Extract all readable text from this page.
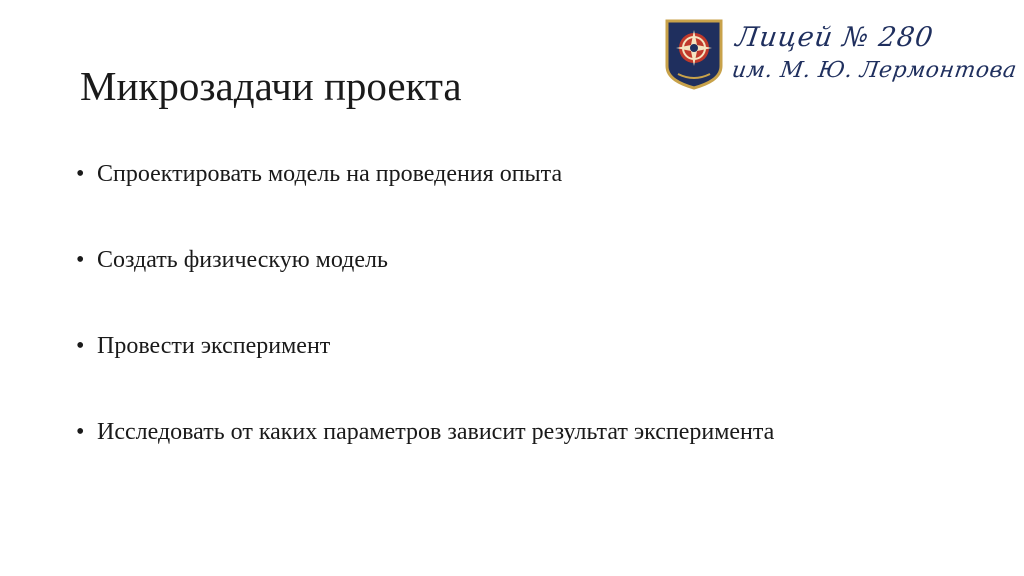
Лицей № 280
им. М. Ю. Лермонтова
Микрозадачи проекта
• Спроектировать модель на проведения опыта
• Создать физическую модель
• Провести эксперимент
• Исследовать от каких параметров зависит результат эксперимента
